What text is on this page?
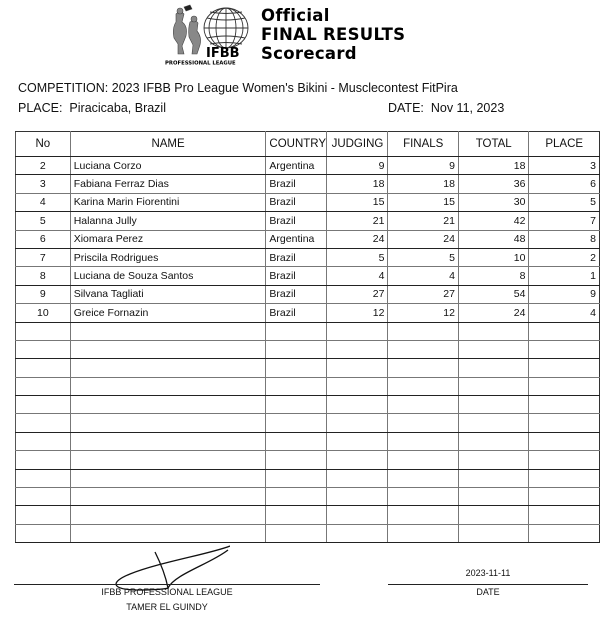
IFBB
PROFESSIONAL LEAGUE
Official
FINAL RESULTS
Scorecard
COMPETITION: 2023 IFBB Pro League Women's Bikini - Musclecontest FitPira
PLACE: Piracicaba, Brazil	DATE: Nov 11, 2023
No	NAME	COUNTRY	JUDGING	FINALS	TOTAL	PLACE
2	Luciana Corzo	Argentina	9	9	18	3
3	Fabiana Ferraz Dias	Brazil	18	18	36	6
4	Karina Marin Fiorentini	Brazil	15	15	30	5
5	Halanna Jully	Brazil	21	21	42	7
6	Xiomara Perez	Argentina	24	24	48	8
7	Priscila Rodrigues	Brazil	5	5	10	2
8	Luciana de Souza Santos	Brazil	4	4	8	1
9	Silvana Tagliati	Brazil	27	27	54	9
10	Greice Fornazin	Brazil	12	12	24	4

IFBB PROFESSIONAL LEAGUE
TAMER EL GUINDY
2023-11-11
DATE
